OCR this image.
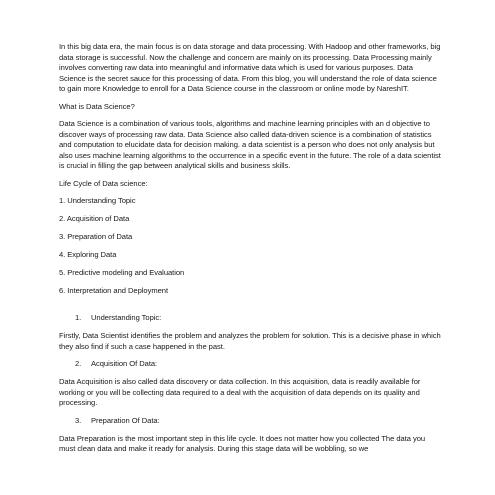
In this big data era, the main focus is on data storage and data processing. With Hadoop and other frameworks, big data storage is successful. Now the challenge and concern are mainly on its processing. Data Processing mainly involves converting raw data into meaningful and informative data which is used for various purposes. Data Science is the secret sauce for this processing of data. From this blog, you will understand the role of data science to gain more Knowledge to enroll for a Data Science course in the classroom or online mode by NareshIT.

What is Data Science?

Data Science is a combination of various tools, algorithms and machine learning principles with an d objective to discover ways of processing raw data. Data Science also called data-driven science is a combination of statistics and computation to elucidate data for decision making. a data scientist is a person who does not only analysis but also uses machine learning algorithms to the occurrence in a specific event in the future. The role of a data scientist is crucial in filling the gap between analytical skills and business skills.

Life Cycle of Data science:

1. Understanding Topic

2. Acquisition of Data

3. Preparation of Data

4. Exploring Data

5. Predictive modeling and Evaluation

6. Interpretation and Deployment

1. Understanding Topic:

Firstly, Data Scientist identifies the problem and analyzes the problem for solution. This is a decisive phase in which they also find if such a case happened in the past.

2. Acquisition Of Data:

Data Acquisition is also called data discovery or data collection. In this acquisition, data is readily available for working or you will be collecting data required to a deal with the acquisition of data depends on its quality and processing.

3. Preparation Of Data:

Data Preparation is the most important step in this life cycle. It does not matter how you collected The data you must clean data and make it ready for analysis. During this stage data will be wobbling, so we
